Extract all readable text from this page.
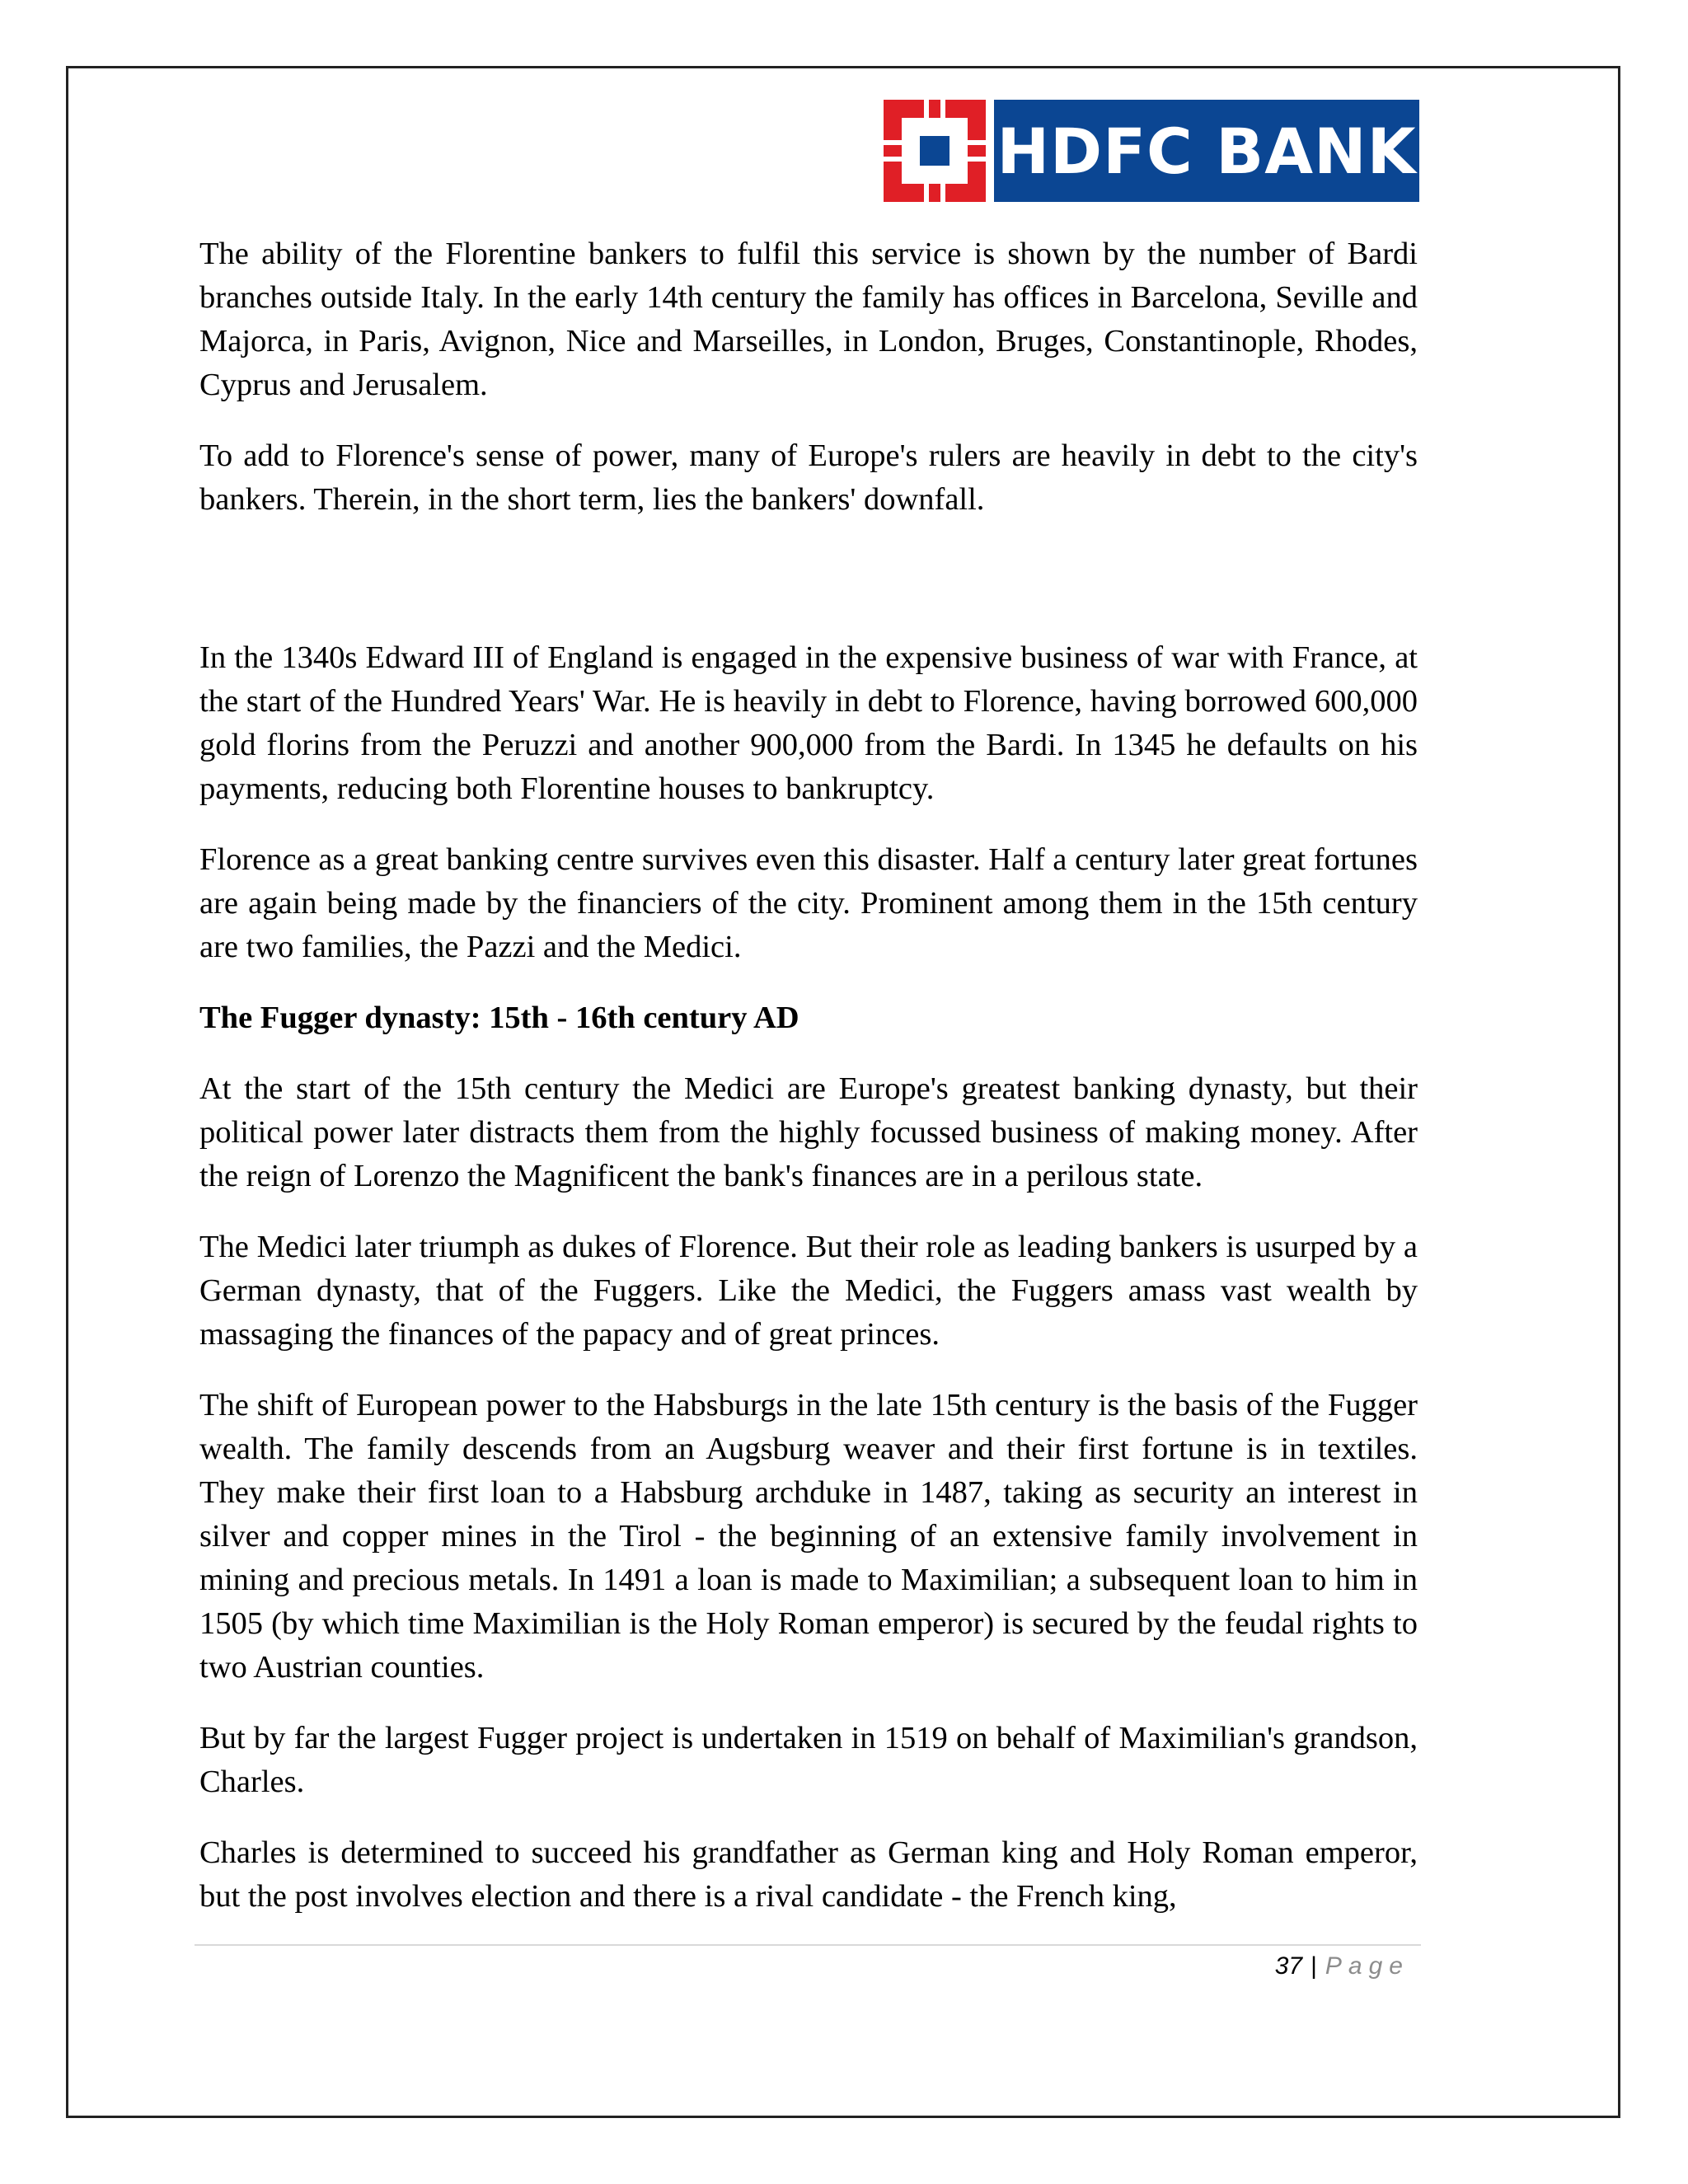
HDFC BANK

The ability of the Florentine bankers to fulfil this service is shown by the number of Bardi branches outside Italy. In the early 14th century the family has offices in Barcelona, Seville and Majorca, in Paris, Avignon, Nice and Marseilles, in London, Bruges, Constantinople, Rhodes, Cyprus and Jerusalem.

To add to Florence's sense of power, many of Europe's rulers are heavily in debt to the city's bankers. Therein, in the short term, lies the bankers' downfall.

In the 1340s Edward III of England is engaged in the expensive business of war with France, at the start of the Hundred Years' War. He is heavily in debt to Florence, having borrowed 600,000 gold florins from the Peruzzi and another 900,000 from the Bardi. In 1345 he defaults on his payments, reducing both Florentine houses to bankruptcy.

Florence as a great banking centre survives even this disaster. Half a century later great fortunes are again being made by the financiers of the city. Prominent among them in the 15th century are two families, the Pazzi and the Medici.

The Fugger dynasty: 15th - 16th century AD

At the start of the 15th century the Medici are Europe's greatest banking dynasty, but their political power later distracts them from the highly focussed business of making money. After the reign of Lorenzo the Magnificent the bank's finances are in a perilous state.

The Medici later triumph as dukes of Florence. But their role as leading bankers is usurped by a German dynasty, that of the Fuggers. Like the Medici, the Fuggers amass vast wealth by massaging the finances of the papacy and of great princes.

The shift of European power to the Habsburgs in the late 15th century is the basis of the Fugger wealth. The family descends from an Augsburg weaver and their first fortune is in textiles. They make their first loan to a Habsburg archduke in 1487, taking as security an interest in silver and copper mines in the Tirol - the beginning of an extensive family involvement in mining and precious metals. In 1491 a loan is made to Maximilian; a subsequent loan to him in 1505 (by which time Maximilian is the Holy Roman emperor) is secured by the feudal rights to two Austrian counties.

But by far the largest Fugger project is undertaken in 1519 on behalf of Maximilian's grandson, Charles.

Charles is determined to succeed his grandfather as German king and Holy Roman emperor, but the post involves election and there is a rival candidate - the French king,

37 | Page
